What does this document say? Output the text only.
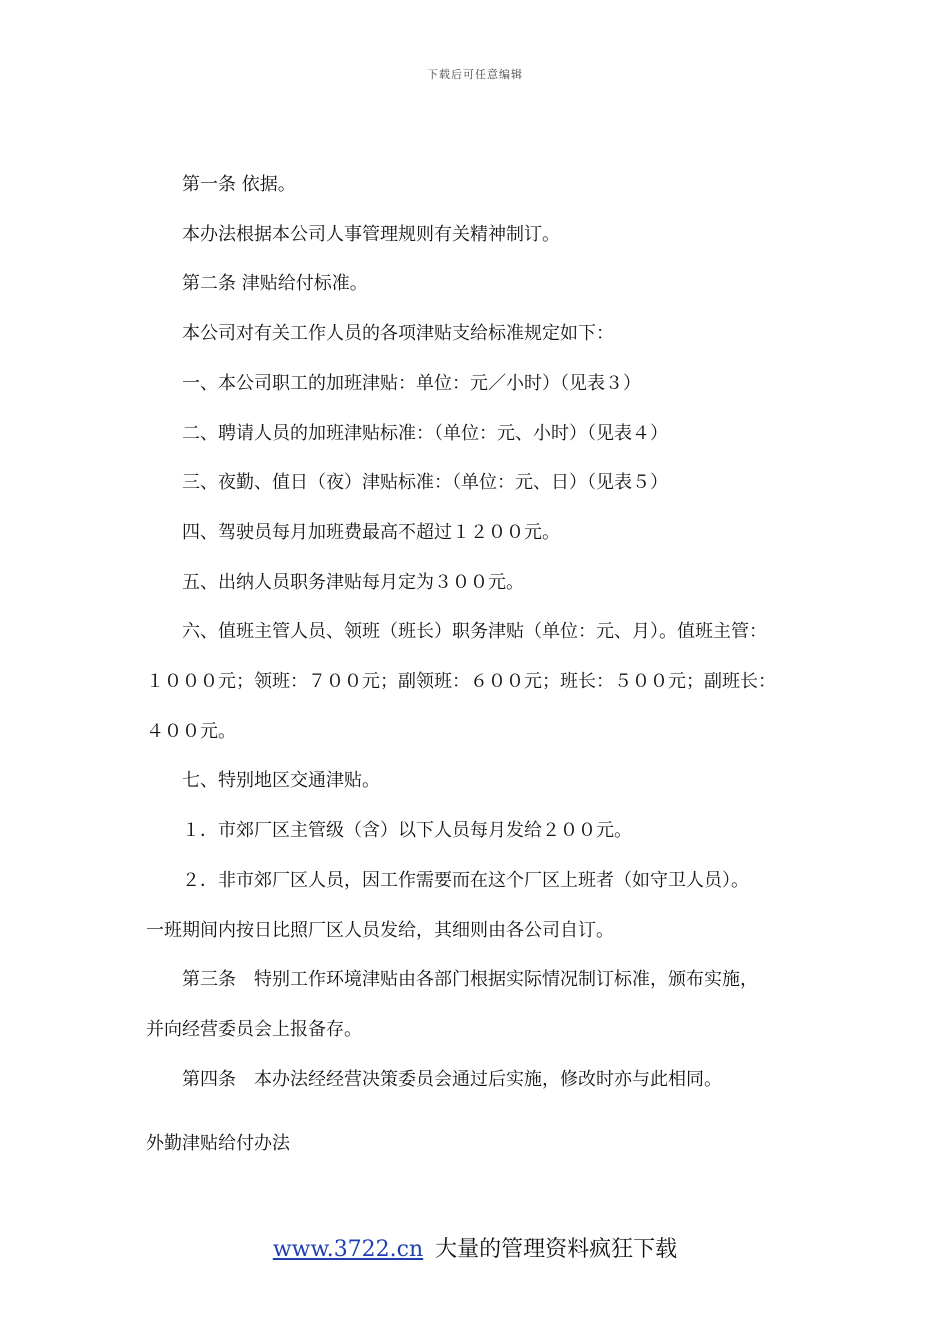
下载后可任意编辑

第一条 依据。

本办法根据本公司人事管理规则有关精神制订。

第二条 津贴给付标准。

本公司对有关工作人员的各项津贴支给标准规定如下：

一、本公司职工的加班津贴：单位：元／小时）（见表３）

二、聘请人员的加班津贴标准：（单位：元、小时）（见表４）

三、夜勤、值日（夜）津贴标准：（单位：元、日）（见表５）

四、驾驶员每月加班费最高不超过１２００元。

五、出纳人员职务津贴每月定为３００元。

六、值班主管人员、领班（班长）职务津贴（单位：元、月）。值班主管：

１０００元；领班：７００元；副领班：６００元；班长：５００元；副班长：

４００元。

七、特别地区交通津贴。

１．市郊厂区主管级（含）以下人员每月发给２００元。

２．非市郊厂区人员，因工作需要而在这个厂区上班者（如守卫人员）。

一班期间内按日比照厂区人员发给，其细则由各公司自订。

第三条　特别工作环境津贴由各部门根据实际情况制订标准，颁布实施，

并向经营委员会上报备存。

第四条　本办法经经营决策委员会通过后实施，修改时亦与此相同。

外勤津贴给付办法

www.3722.cn 大量的管理资料疯狂下载
